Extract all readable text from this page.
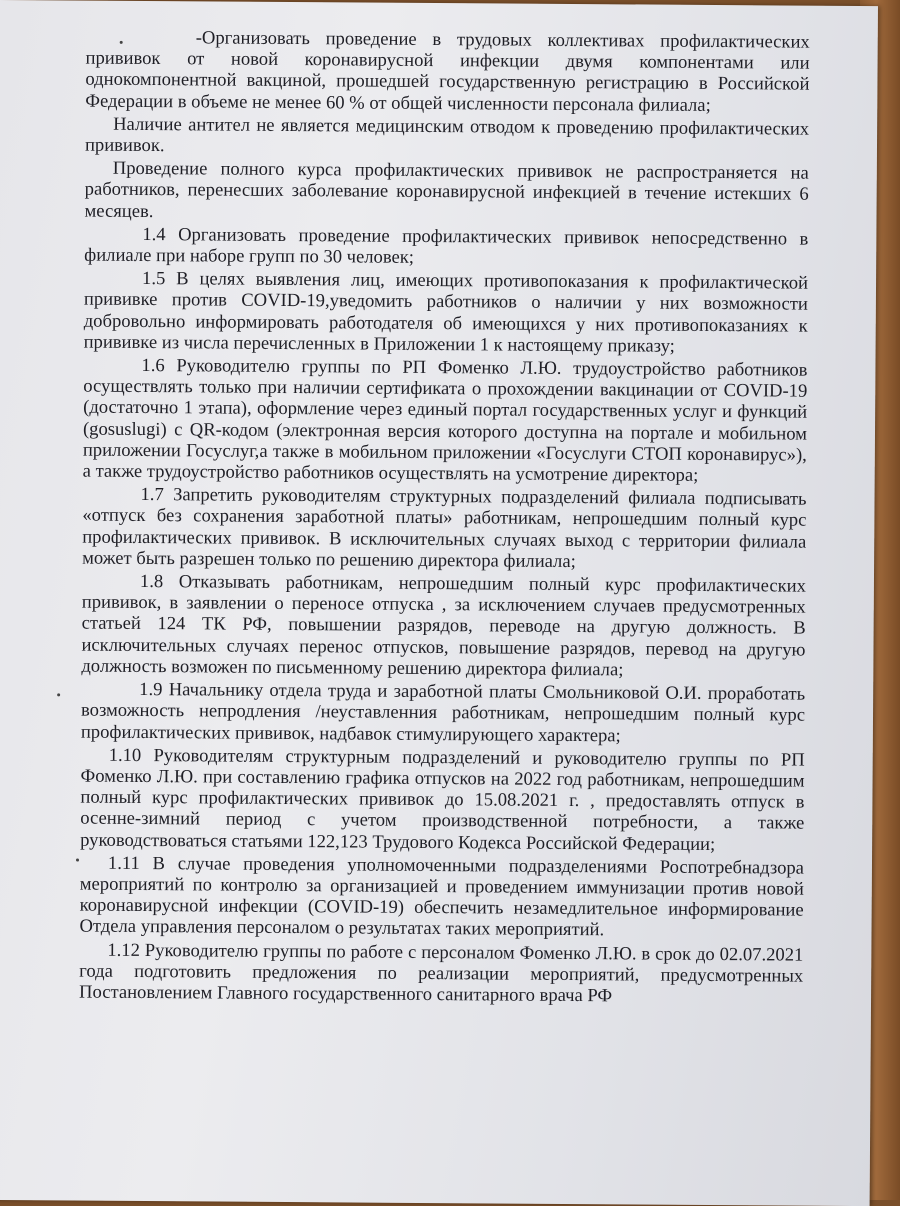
-Организовать проведение в трудовых коллективах профилактических прививок от новой коронавирусной инфекции двумя компонентами или однокомпонентной вакциной, прошедшей государственную регистрацию в Российской Федерации в объеме не менее 60 % от общей численности персонала филиала;

Наличие антител не является медицинским отводом к проведению профилактических прививок.

Проведение полного курса профилактических прививок не распространяется на работников, перенесших заболевание коронавирусной инфекцией в течение истекших 6 месяцев.

1.4 Организовать проведение профилактических прививок непосредственно в филиале при наборе групп по 30 человек;

1.5 В целях выявления лиц, имеющих противопоказания к профилактической прививке против COVID-19,уведомить работников о наличии у них возможности добровольно информировать работодателя об имеющихся у них противопоказаниях к прививке из числа перечисленных в Приложении 1 к настоящему приказу;

1.6 Руководителю группы по РП Фоменко Л.Ю. трудоустройство работников осуществлять только при наличии сертификата о прохождении вакцинации от COVID-19 (достаточно 1 этапа), оформление через единый портал государственных услуг и функций (gosuslugi) с QR-кодом (электронная версия которого доступна на портале и мобильном приложении Госуслуг,а также в мобильном приложении «Госуслуги СТОП коронавирус»), а также трудоустройство работников осуществлять на усмотрение директора;

1.7 Запретить руководителям структурных подразделений филиала подписывать «отпуск без сохранения заработной платы» работникам, непрошедшим полный курс профилактических прививок. В исключительных случаях выход с территории филиала может быть разрешен только по решению директора филиала;

1.8 Отказывать работникам, непрошедшим полный курс профилактических прививок, в заявлении о переносе отпуска , за исключением случаев предусмотренных статьей 124 ТК РФ, повышении разрядов, переводе на другую должность. В исключительных случаях перенос отпусков, повышение разрядов, перевод на другую должность возможен по письменному решению директора филиала;

1.9 Начальнику отдела труда и заработной платы Смольниковой О.И. проработать возможность непродления /неуставленния работникам, непрошедшим полный курс профилактических прививок, надбавок стимулирующего характера;

1.10 Руководителям структурным подразделений и руководителю группы по РП Фоменко Л.Ю. при составлению графика отпусков на 2022 год работникам, непрошедшим полный курс профилактических прививок до 15.08.2021 г. , предоставлять отпуск в осенне-зимний период с учетом производственной потребности, а также руководствоваться статьями 122,123 Трудового Кодекса Российской Федерации;

1.11 В случае проведения уполномоченными подразделениями Роспотребнадзора мероприятий по контролю за организацией и проведением иммунизации против новой коронавирусной инфекции (COVID-19) обеспечить незамедлительное информирование Отдела управления персоналом о результатах таких мероприятий.

1.12 Руководителю группы по работе с персоналом Фоменко Л.Ю. в срок до 02.07.2021 года подготовить предложения по реализации мероприятий, предусмотренных Постановлением Главного государственного санитарного врача РФ
